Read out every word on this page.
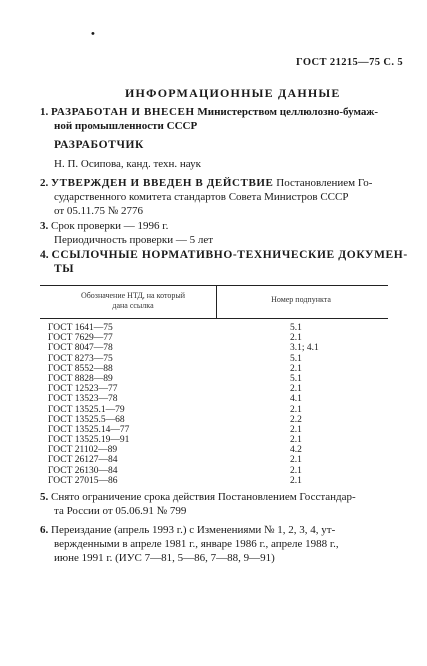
•
ГОСТ 21215—75 С. 5
ИНФОРМАЦИОННЫЕ ДАННЫЕ
1. РАЗРАБОТАН И ВНЕСЕН Министерством целлюлозно-бумаж-
ной промышленности СССР
РАЗРАБОТЧИК
Н. П. Осипова, канд. техн. наук
2. УТВЕРЖДЕН И ВВЕДЕН В ДЕЙСТВИЕ Постановлением Го-
сударственного комитета стандартов Совета Министров СССР
от 05.11.75 № 2776
3. Срок проверки — 1996 г.
Периодичность проверки — 5 лет
4. ССЫЛОЧНЫЕ НОРМАТИВНО-ТЕХНИЧЕСКИЕ ДОКУМЕН-
ТЫ
Обозначение НТД, на который
дана ссылка
Номер подпункта
ГОСТ 1641—75	5.1
ГОСТ 7629—77	2.1
ГОСТ 8047—78	3.1; 4.1
ГОСТ 8273—75	5.1
ГОСТ 8552—88	2.1
ГОСТ 8828—89	5.1
ГОСТ 12523—77	2.1
ГОСТ 13523—78	4.1
ГОСТ 13525.1—79	2.1
ГОСТ 13525.5—68	2.2
ГОСТ 13525.14—77	2.1
ГОСТ 13525.19—91	2.1
ГОСТ 21102—89	4.2
ГОСТ 26127—84	2.1
ГОСТ 26130—84	2.1
ГОСТ 27015—86	2.1
5. Снято ограничение срока действия Постановлением Госстандар-
та России от 05.06.91 № 799
6. Переиздание (апрель 1993 г.) с Изменениями № 1, 2, 3, 4, ут-
вержденными в апреле 1981 г., январе 1986 г., апреле 1988 г.,
июне 1991 г. (ИУС 7—81, 5—86, 7—88, 9—91)
